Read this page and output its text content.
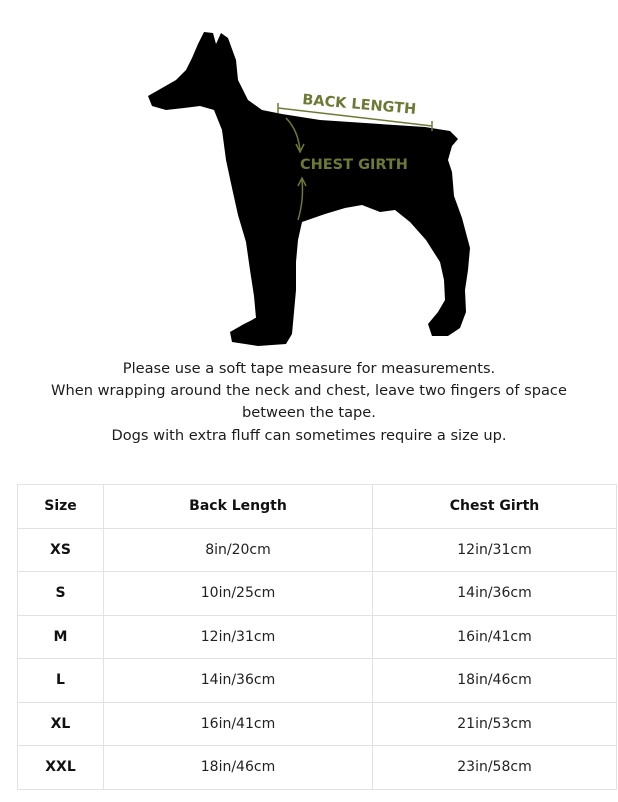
BACK LENGTH
CHEST GIRTH

Please use a soft tape measure for measurements.

When wrapping around the neck and chest, leave two fingers of space between the tape.

Dogs with extra fluff can sometimes require a size up.

Size	Back Length	Chest Girth
XS	8in/20cm	12in/31cm
S	10in/25cm	14in/36cm
M	12in/31cm	16in/41cm
L	14in/36cm	18in/46cm
XL	16in/41cm	21in/53cm
XXL	18in/46cm	23in/58cm
